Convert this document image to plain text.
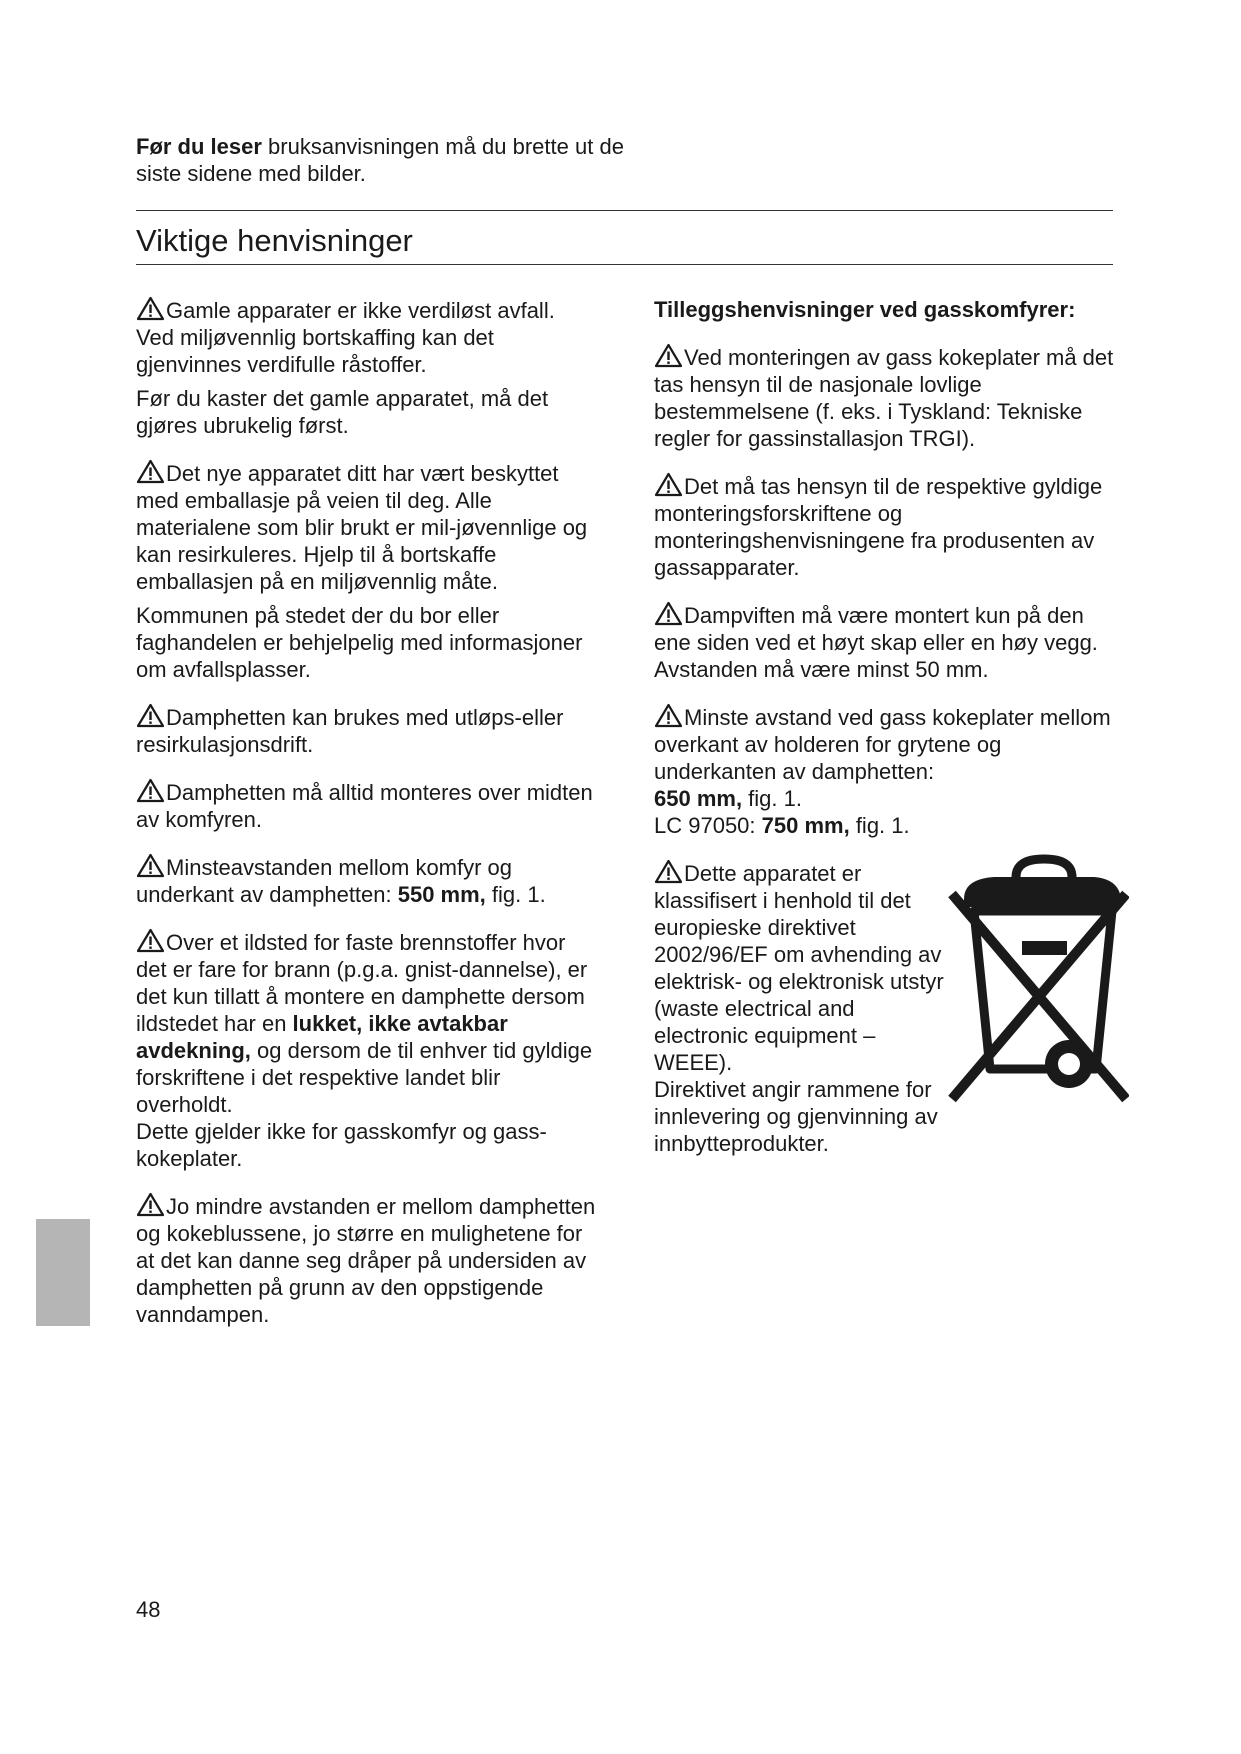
Før du leser bruksanvisningen må du brette ut de siste sidene med bilder.
Viktige henvisninger

Gamle apparater er ikke verdiløst avfall. Ved miljøvennlig bortskaffing kan det gjenvinnes verdifulle råstoffer.

Før du kaster det gamle apparatet, må det gjøres ubrukelig først.

Det nye apparatet ditt har vært beskyttet med emballasje på veien til deg. Alle materialene som blir brukt er mil-jøvennlige og kan resirkuleres. Hjelp til å bortskaffe emballasjen på en miljøvennlig måte.

Kommunen på stedet der du bor eller faghandelen er behjelpelig med informasjoner om avfallsplasser.

Damphetten kan brukes med utløps-eller resirkulasjonsdrift.

Damphetten må alltid monteres over midten av komfyren.

Minsteavstanden mellom komfyr og underkant av damphetten: 550 mm, fig. 1.

Over et ildsted for faste brennstoffer hvor det er fare for brann (p.g.a. gnist-dannelse), er det kun tillatt å montere en damphette dersom ildstedet har en lukket, ikke avtakbar avdekning, og dersom de til enhver tid gyldige forskriftene i det respektive landet blir overholdt.

Dette gjelder ikke for gasskomfyr og gass-kokeplater.

Jo mindre avstanden er mellom damphetten og kokeblussene, jo større en mulighetene for at det kan danne seg dråper på undersiden av damphetten på grunn av den oppstigende vanndampen.

Tilleggshenvisninger ved gasskomfyrer:

Ved monteringen av gass kokeplater må det tas hensyn til de nasjonale lovlige bestemmelsene (f. eks. i Tyskland: Tekniske regler for gassinstallasjon TRGI).

Det må tas hensyn til de respektive gyldige monteringsforskriftene og monteringshenvisningene fra produsenten av gassapparater.

Dampviften må være montert kun på den ene siden ved et høyt skap eller en høy vegg. Avstanden må være minst 50 mm.

Minste avstand ved gass kokeplater mellom overkant av holderen for grytene og underkanten av damphetten:

650 mm, fig. 1.

LC 97050: 750 mm, fig. 1.

Dette apparatet er klassifisert i henhold til det europieske direktivet 2002/96/EF om avhending av elektrisk- og elektronisk utstyr (waste electrical and electronic equipment – WEEE).

Direktivet angir rammene for innlevering og gjenvinning av innbytteprodukter.

48
